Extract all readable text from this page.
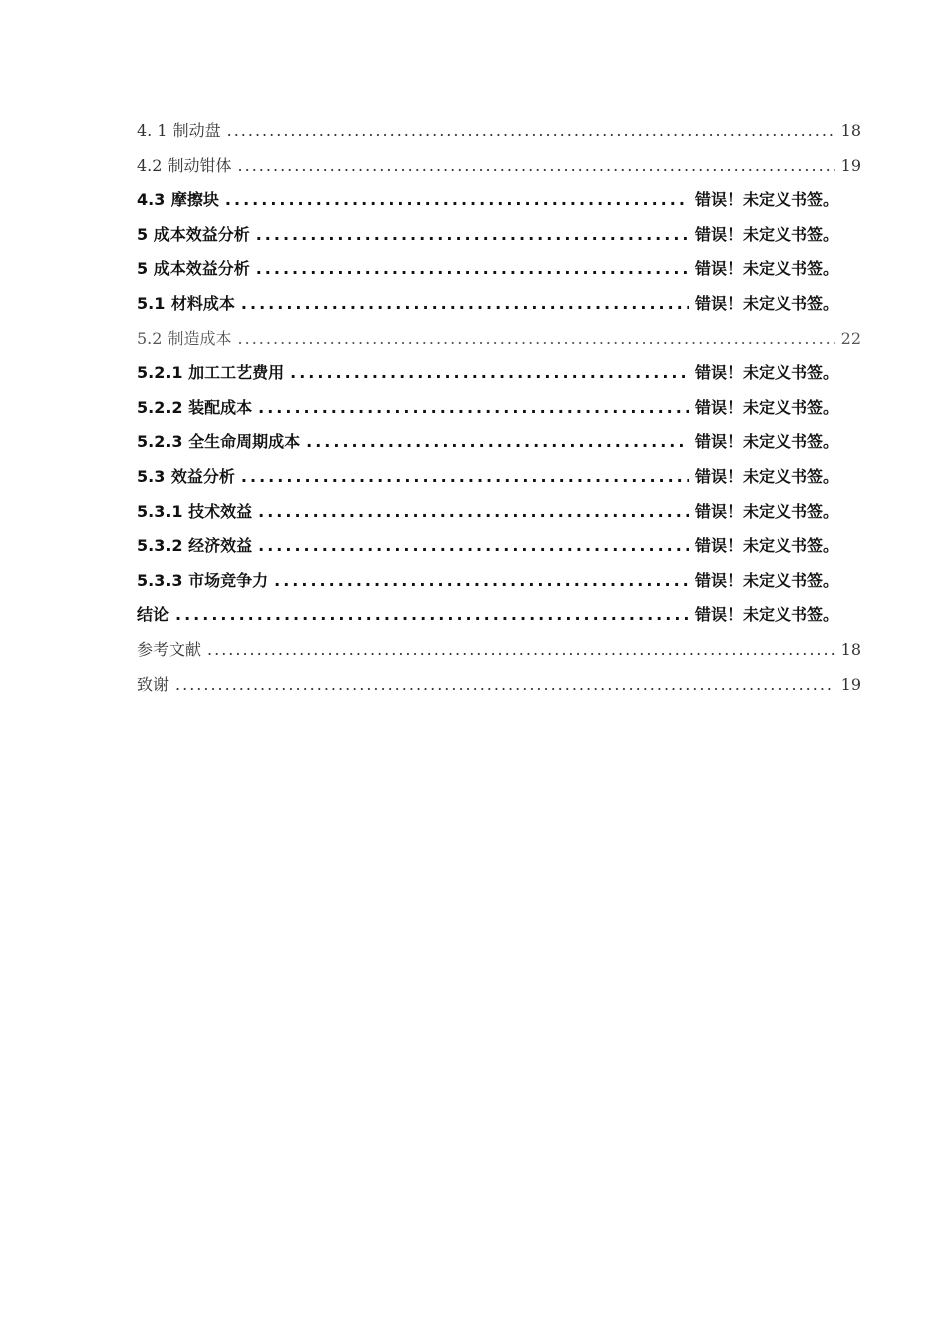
4. 1 制动盘 .....	18
4.2 制动钳体 .....	19
4.3 摩擦块 .....	错误！未定义书签。
5 成本效益分析 .....	错误！未定义书签。
5 成本效益分析 .....	错误！未定义书签。
5.1 材料成本 .....	错误！未定义书签。
5.2 制造成本 .....	22
5.2.1 加工工艺费用 .....	错误！未定义书签。
5.2.2 装配成本 .....	错误！未定义书签。
5.2.3 全生命周期成本 .....	错误！未定义书签。
5.3 效益分析 .....	错误！未定义书签。
5.3.1 技术效益 .....	错误！未定义书签。
5.3.2 经济效益 .....	错误！未定义书签。
5.3.3 市场竞争力 .....	错误！未定义书签。
结论 .....	错误！未定义书签。
参考文献 .....	18
致谢 .....	19
